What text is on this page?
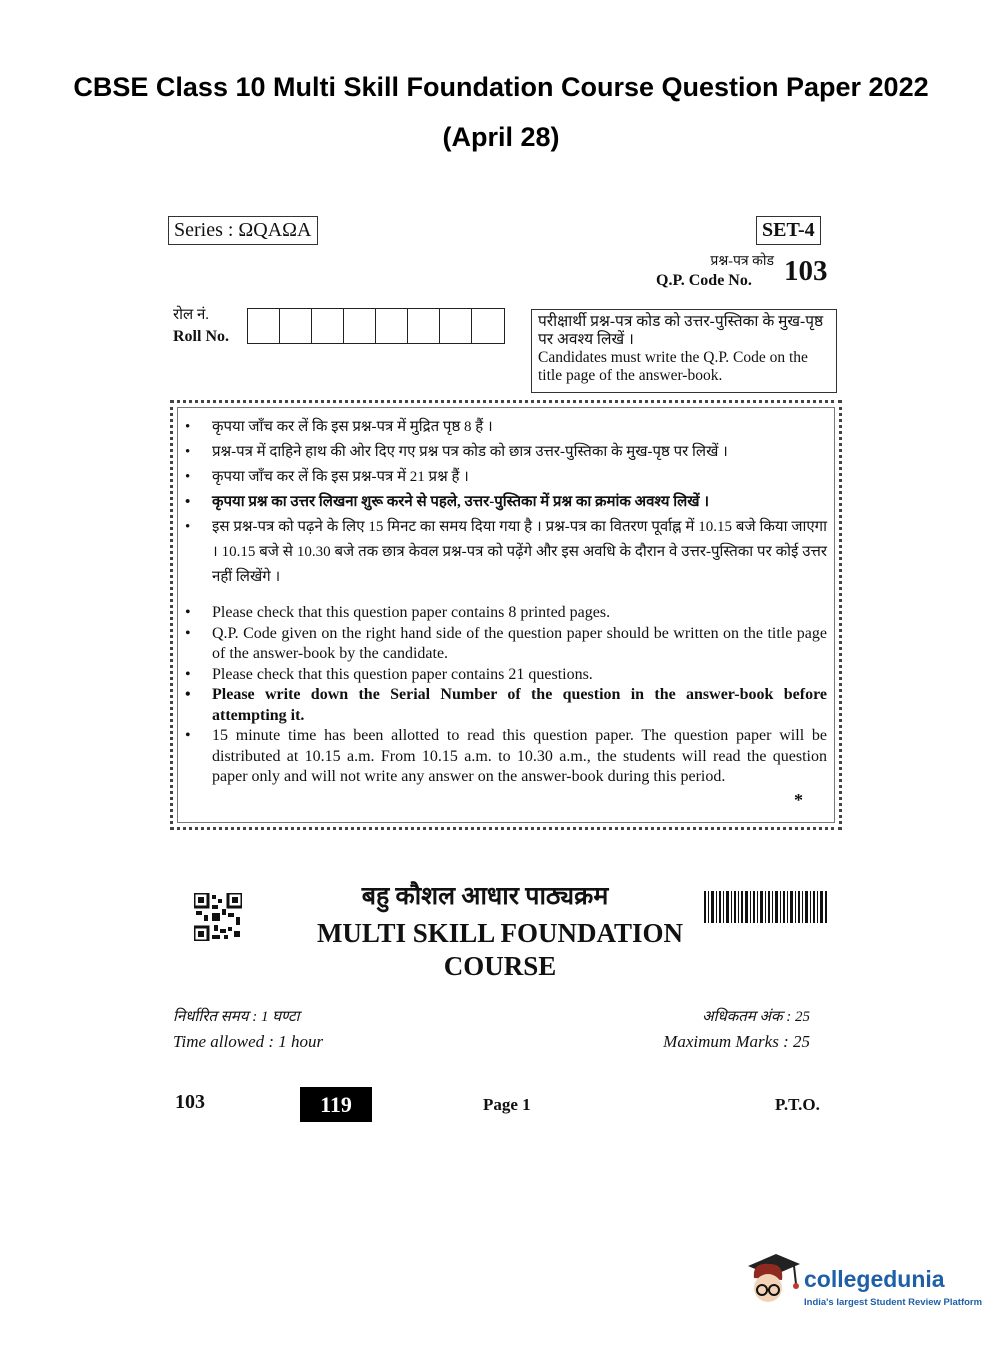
CBSE Class 10 Multi Skill Foundation Course Question Paper 2022
(April 28)
Series : ΩQAΩA	SET-4
प्रश्न-पत्र कोड
Q.P. Code No. 103
रोल नं.
Roll No.
परीक्षार्थी प्रश्न-पत्र कोड को उत्तर-पुस्तिका के मुख-पृष्ठ पर अवश्य लिखें ।
Candidates must write the Q.P. Code on the title page of the answer-book.
• कृपया जाँच कर लें कि इस प्रश्न-पत्र में मुद्रित पृष्ठ 8 हैं ।
• प्रश्न-पत्र में दाहिने हाथ की ओर दिए गए प्रश्न पत्र कोड को छात्र उत्तर-पुस्तिका के मुख-पृष्ठ पर लिखें ।
• कृपया जाँच कर लें कि इस प्रश्न-पत्र में 21 प्रश्न हैं ।
• कृपया प्रश्न का उत्तर लिखना शुरू करने से पहले, उत्तर-पुस्तिका में प्रश्न का क्रमांक अवश्य लिखें ।
• इस प्रश्न-पत्र को पढ़ने के लिए 15 मिनट का समय दिया गया है । प्रश्न-पत्र का वितरण पूर्वाह्न में 10.15 बजे किया जाएगा । 10.15 बजे से 10.30 बजे तक छात्र केवल प्रश्न-पत्र को पढ़ेंगे और इस अवधि के दौरान वे उत्तर-पुस्तिका पर कोई उत्तर नहीं लिखेंगे ।
• Please check that this question paper contains 8 printed pages.
• Q.P. Code given on the right hand side of the question paper should be written on the title page of the answer-book by the candidate.
• Please check that this question paper contains 21 questions.
• Please write down the Serial Number of the question in the answer-book before attempting it.
• 15 minute time has been allotted to read this question paper. The question paper will be distributed at 10.15 a.m. From 10.15 a.m. to 10.30 a.m., the students will read the question paper only and will not write any answer on the answer-book during this period.
*
बहु कौशल आधार पाठ्यक्रम
MULTI SKILL FOUNDATION
COURSE
निर्धारित समय : 1 घण्टा
Time allowed : 1 hour
अधिकतम अंक : 25
Maximum Marks : 25
103	119	Page 1	P.T.O.
collegedunia
India's largest Student Review Platform
